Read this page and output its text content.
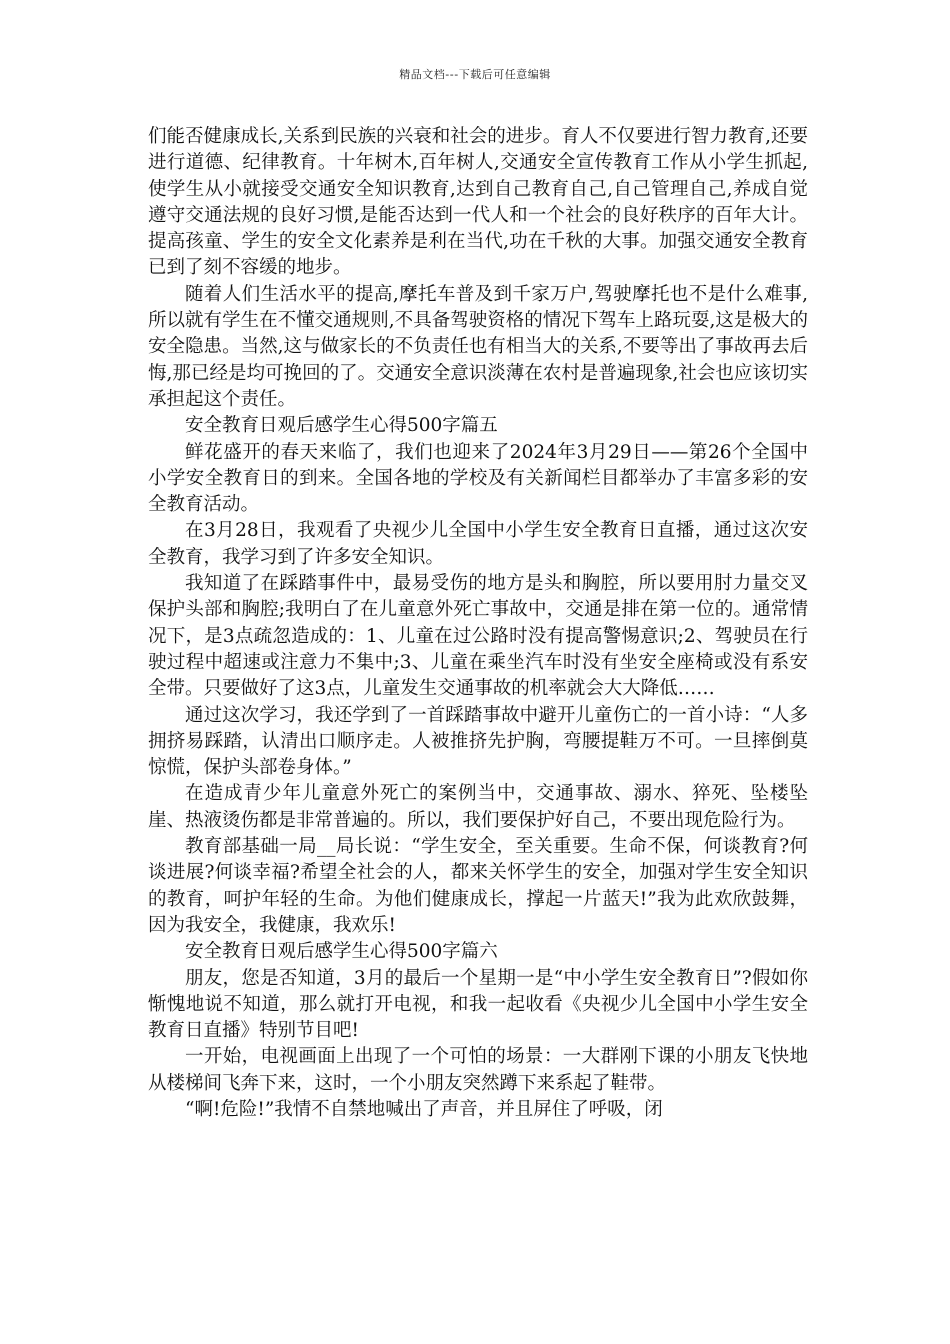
精品文档---下载后可任意编辑

们能否健康成长,关系到民族的兴衰和社会的进步。育人不仅要进行智力教育,还要进行道德、纪律教育。十年树木,百年树人,交通安全宣传教育工作从小学生抓起,使学生从小就接受交通安全知识教育,达到自己教育自己,自己管理自己,养成自觉遵守交通法规的良好习惯,是能否达到一代人和一个社会的良好秩序的百年大计。提高孩童、学生的安全文化素养是利在当代,功在千秋的大事。加强交通安全教育已到了刻不容缓的地步。

随着人们生活水平的提高,摩托车普及到千家万户,驾驶摩托也不是什么难事,所以就有学生在不懂交通规则,不具备驾驶资格的情况下驾车上路玩耍,这是极大的安全隐患。当然,这与做家长的不负责任也有相当大的关系,不要等出了事故再去后悔,那已经是均可挽回的了。交通安全意识淡薄在农村是普遍现象,社会也应该切实承担起这个责任。

安全教育日观后感学生心得500字篇五

鲜花盛开的春天来临了，我们也迎来了2024年3月29日——第26个全国中小学安全教育日的到来。全国各地的学校及有关新闻栏目都举办了丰富多彩的安全教育活动。

在3月28日，我观看了央视少儿全国中小学生安全教育日直播，通过这次安全教育，我学习到了许多安全知识。

我知道了在踩踏事件中，最易受伤的地方是头和胸腔，所以要用肘力量交叉保护头部和胸腔;我明白了在儿童意外死亡事故中，交通是排在第一位的。通常情况下，是3点疏忽造成的：1、儿童在过公路时没有提高警惕意识;2、驾驶员在行驶过程中超速或注意力不集中;3、儿童在乘坐汽车时没有坐安全座椅或没有系安全带。只要做好了这3点，儿童发生交通事故的机率就会大大降低……

通过这次学习，我还学到了一首踩踏事故中避开儿童伤亡的一首小诗：“人多拥挤易踩踏，认清出口顺序走。人被推挤先护胸，弯腰提鞋万不可。一旦摔倒莫惊慌，保护头部卷身体。”

在造成青少年儿童意外死亡的案例当中，交通事故、溺水、猝死、坠楼坠崖、热液烫伤都是非常普遍的。所以，我们要保护好自己，不要出现危险行为。

教育部基础一局__局长说：“学生安全，至关重要。生命不保，何谈教育?何谈进展?何谈幸福?希望全社会的人，都来关怀学生的安全，加强对学生安全知识的教育，呵护年轻的生命。为他们健康成长，撑起一片蓝天!”我为此欢欣鼓舞，因为我安全，我健康，我欢乐!

安全教育日观后感学生心得500字篇六

朋友，您是否知道，3月的最后一个星期一是“中小学生安全教育日”?假如你惭愧地说不知道，那么就打开电视，和我一起收看《央视少儿全国中小学生安全教育日直播》特别节目吧!

一开始，电视画面上出现了一个可怕的场景：一大群刚下课的小朋友飞快地从楼梯间飞奔下来，这时，一个小朋友突然蹲下来系起了鞋带。

“啊!危险!”我情不自禁地喊出了声音，并且屏住了呼吸，闭
